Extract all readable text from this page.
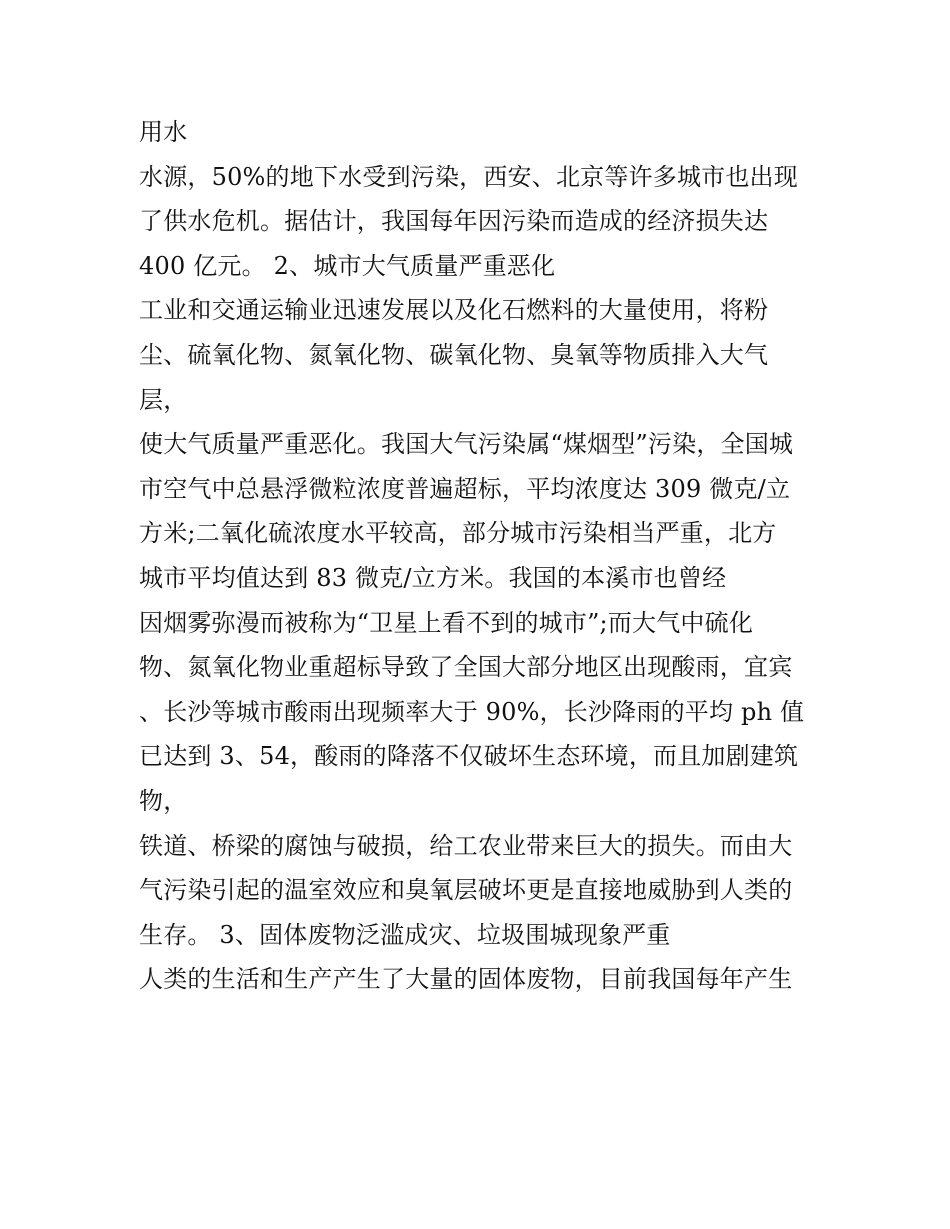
用水
水源，50%的地下水受到污染，西安、北京等许多城市也出现
了供水危机。据估计，我国每年因污染而造成的经济损失达
400 亿元。 2、城市大气质量严重恶化
工业和交通运输业迅速发展以及化石燃料的大量使用，将粉
尘、硫氧化物、氮氧化物、碳氧化物、臭氧等物质排入大气
层，
使大气质量严重恶化。我国大气污染属“煤烟型”污染，全国城
市空气中总悬浮微粒浓度普遍超标，平均浓度达 309 微克/立
方米;二氧化硫浓度水平较高，部分城市污染相当严重，北方
城市平均值达到 83 微克/立方米。我国的本溪市也曾经
因烟雾弥漫而被称为“卫星上看不到的城市”;而大气中硫化
物、氮氧化物业重超标导致了全国大部分地区出现酸雨，宜宾
、长沙等城市酸雨出现频率大于 90%，长沙降雨的平均 ph 值
已达到 3、54，酸雨的降落不仅破坏生态环境，而且加剧建筑
物，
铁道、桥梁的腐蚀与破损，给工农业带来巨大的损失。而由大
气污染引起的温室效应和臭氧层破坏更是直接地威胁到人类的
生存。 3、固体废物泛滥成灾、垃圾围城现象严重
人类的生活和生产产生了大量的固体废物，目前我国每年产生
